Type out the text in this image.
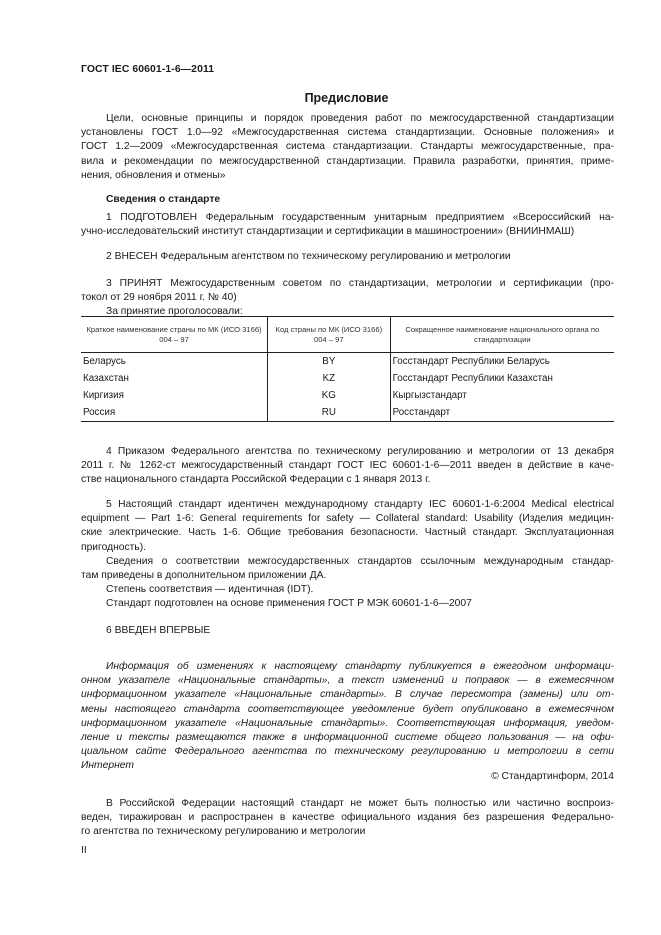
ГОСТ IEC 60601-1-6—2011
Предисловие
Цели, основные принципы и порядок проведения работ по межгосударственной стандартизации
установлены ГОСТ 1.0—92 «Межгосударственная система стандартизации. Основные положения» и
ГОСТ 1.2—2009 «Межгосударственная система стандартизации. Стандарты межгосударственные, пра-
вила и рекомендации по межгосударственной стандартизации. Правила разработки, принятия, приме-
нения, обновления и отмены»
Сведения о стандарте
1 ПОДГОТОВЛЕН Федеральным государственным унитарным предприятием «Всероссийский на-
учно-исследовательский институт стандартизации и сертификации в машиностроении» (ВНИИНМАШ)
2 ВНЕСЕН Федеральным агентством по техническому регулированию и метрологии
3 ПРИНЯТ Межгосударственным советом по стандартизации, метрологии и сертификации (про-
токол от 29 ноября 2011 г. № 40)
За принятие проголосовали:
Краткое наименование страны по МК (ИСО 3166) 004 – 97	Код страны по МК (ИСО 3166) 004 – 97	Сокращенное наименование национального органа по стандартизации
Беларусь	BY	Госстандарт Республики Беларусь
Казахстан	KZ	Госстандарт Республики Казахстан
Киргизия	KG	Кыргызстандарт
Россия	RU	Росстандарт
4 Приказом Федерального агентства по техническому регулированию и метрологии от 13 декабря
2011 г. № 1262-ст межгосударственный стандарт ГОСТ IEC 60601-1-6—2011 введен в действие в каче-
стве национального стандарта Российской Федерации с 1 января 2013 г.
5 Настоящий стандарт идентичен международному стандарту IEC 60601-1-6:2004 Medical electrical
equipment — Part 1-6: General requirements for safety — Collateral standard: Usability (Изделия медицин-
ские электрические. Часть 1-6. Общие требования безопасности. Частный стандарт. Эксплуатационная
пригодность).
Сведения о соответствии межгосударственных стандартов ссылочным международным стандар-
там приведены в дополнительном приложении ДА.
Степень соответствия — идентичная (IDT).
Стандарт подготовлен на основе применения ГОСТ Р МЭК 60601-1-6—2007
6 ВВЕДЕН ВПЕРВЫЕ
Информация об изменениях к настоящему стандарту публикуется в ежегодном информаци-
онном указателе «Национальные стандарты», а текст изменений и поправок — в ежемесячном
информационном указателе «Национальные стандарты». В случае пересмотра (замены) или от-
мены настоящего стандарта соответствующее уведомление будет опубликовано в ежемесячном
информационном указателе «Национальные стандарты». Соответствующая информация, уведом-
ление и тексты размещаются также в информационной системе общего пользования — на офи-
циальном сайте Федерального агентства по техническому регулированию и метрологии в сети
Интернет
© Стандартинформ, 2014
В Российской Федерации настоящий стандарт не может быть полностью или частично воспроиз-
веден, тиражирован и распространен в качестве официального издания без разрешения Федерально-
го агентства по техническому регулированию и метрологии
II
